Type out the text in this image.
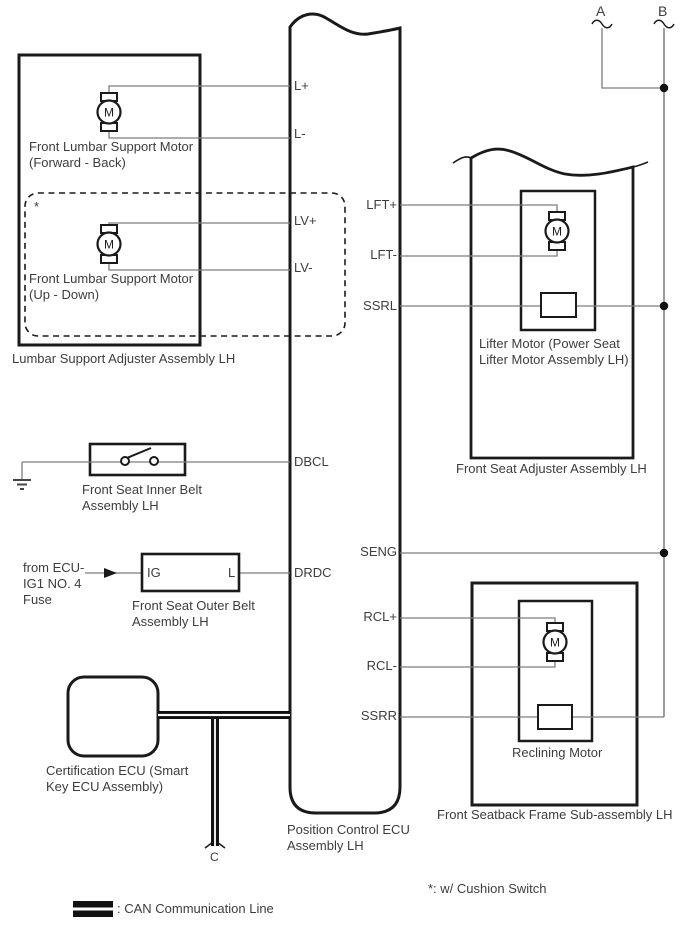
M
M
M
M
A	B
C
L+
L-
LV+
LV-
DBCL
DRDC
LFT+
LFT-
SSRL
SENG
RCL+
RCL-
SSRR
*
Front Lumbar Support Motor
(Forward - Back)
Front Lumbar Support Motor
(Up - Down)
Lumbar Support Adjuster Assembly LH
Front Seat Inner Belt
Assembly LH
from ECU-
IG1 NO. 4
Fuse
IG	L
Front Seat Outer Belt
Assembly LH
Certification ECU (Smart
Key ECU Assembly)
Position Control ECU
Assembly LH
Lifter Motor (Power Seat
Lifter Motor Assembly LH)
Front Seat Adjuster Assembly LH
Reclining Motor
Front Seatback Frame Sub-assembly LH
: CAN Communication Line
*: w/ Cushion Switch
